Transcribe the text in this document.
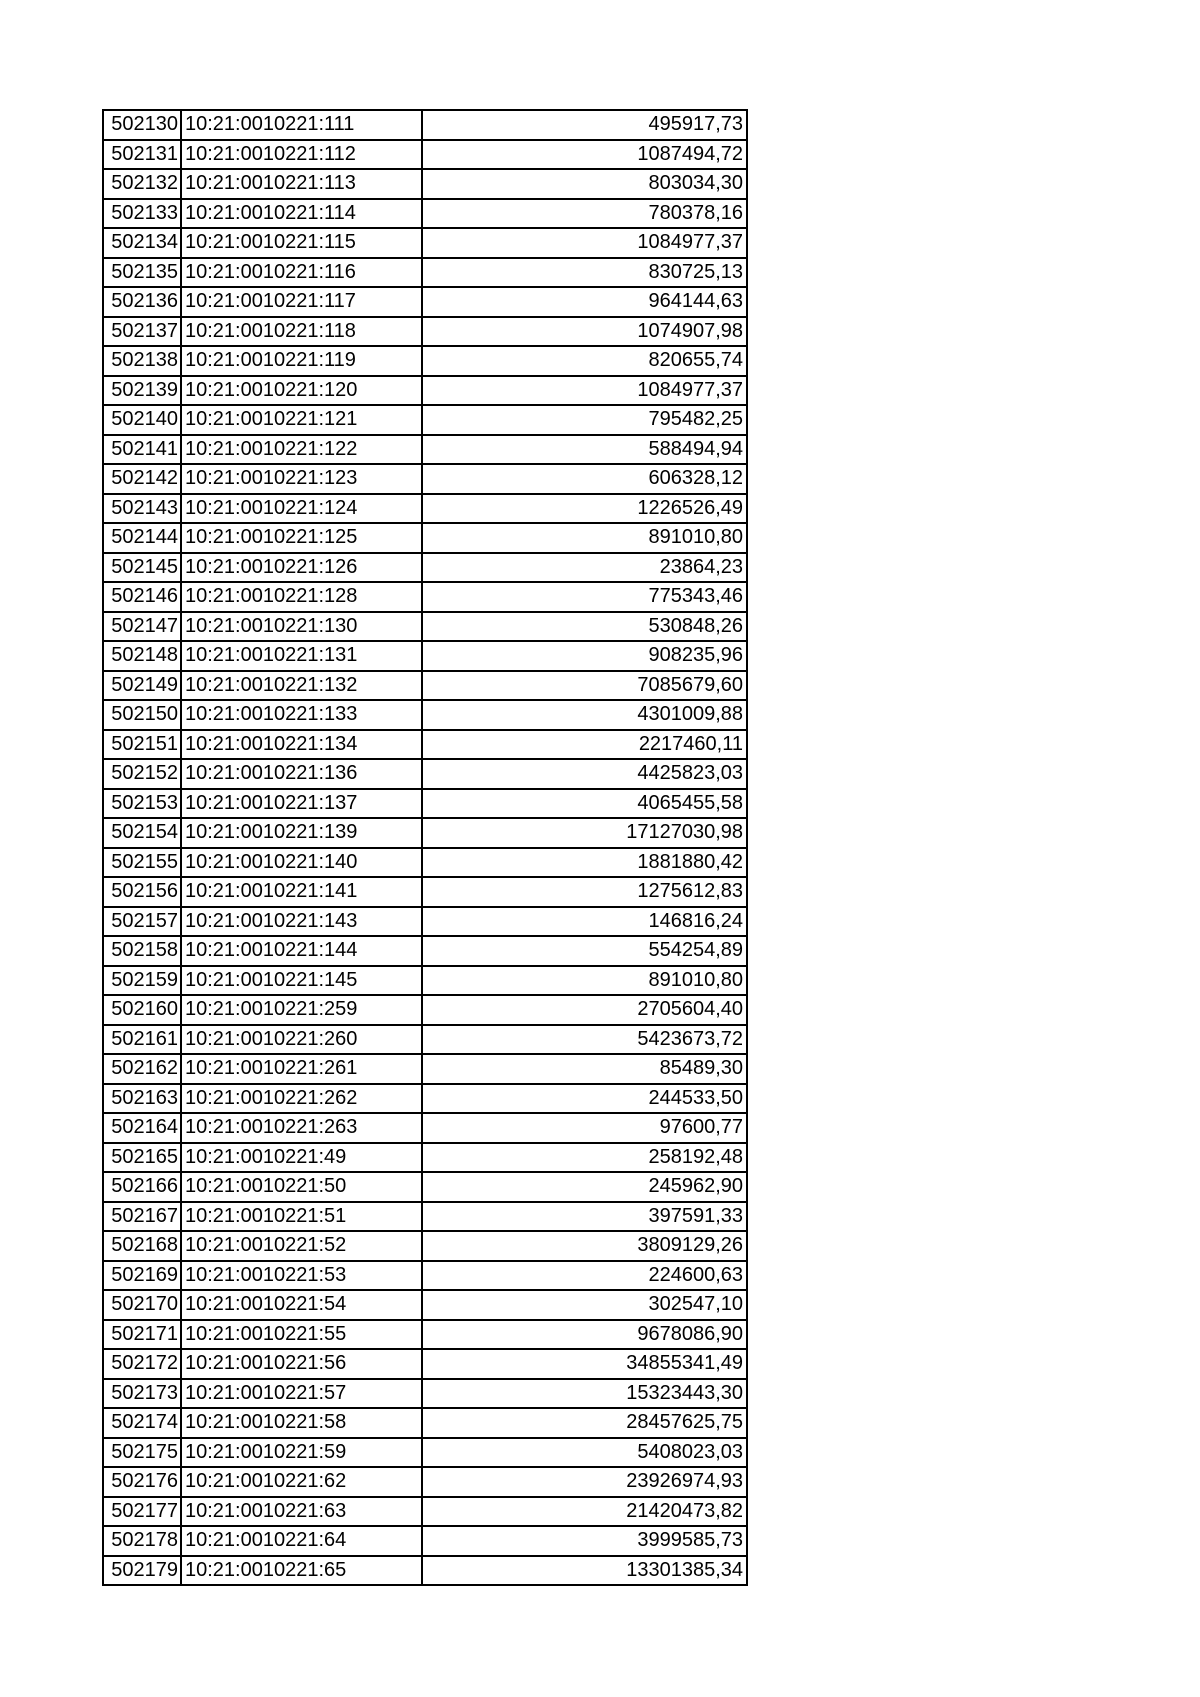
502130	10:21:0010221:111	495917,73
502131	10:21:0010221:112	1087494,72
502132	10:21:0010221:113	803034,30
502133	10:21:0010221:114	780378,16
502134	10:21:0010221:115	1084977,37
502135	10:21:0010221:116	830725,13
502136	10:21:0010221:117	964144,63
502137	10:21:0010221:118	1074907,98
502138	10:21:0010221:119	820655,74
502139	10:21:0010221:120	1084977,37
502140	10:21:0010221:121	795482,25
502141	10:21:0010221:122	588494,94
502142	10:21:0010221:123	606328,12
502143	10:21:0010221:124	1226526,49
502144	10:21:0010221:125	891010,80
502145	10:21:0010221:126	23864,23
502146	10:21:0010221:128	775343,46
502147	10:21:0010221:130	530848,26
502148	10:21:0010221:131	908235,96
502149	10:21:0010221:132	7085679,60
502150	10:21:0010221:133	4301009,88
502151	10:21:0010221:134	2217460,11
502152	10:21:0010221:136	4425823,03
502153	10:21:0010221:137	4065455,58
502154	10:21:0010221:139	17127030,98
502155	10:21:0010221:140	1881880,42
502156	10:21:0010221:141	1275612,83
502157	10:21:0010221:143	146816,24
502158	10:21:0010221:144	554254,89
502159	10:21:0010221:145	891010,80
502160	10:21:0010221:259	2705604,40
502161	10:21:0010221:260	5423673,72
502162	10:21:0010221:261	85489,30
502163	10:21:0010221:262	244533,50
502164	10:21:0010221:263	97600,77
502165	10:21:0010221:49	258192,48
502166	10:21:0010221:50	245962,90
502167	10:21:0010221:51	397591,33
502168	10:21:0010221:52	3809129,26
502169	10:21:0010221:53	224600,63
502170	10:21:0010221:54	302547,10
502171	10:21:0010221:55	9678086,90
502172	10:21:0010221:56	34855341,49
502173	10:21:0010221:57	15323443,30
502174	10:21:0010221:58	28457625,75
502175	10:21:0010221:59	5408023,03
502176	10:21:0010221:62	23926974,93
502177	10:21:0010221:63	21420473,82
502178	10:21:0010221:64	3999585,73
502179	10:21:0010221:65	13301385,34
